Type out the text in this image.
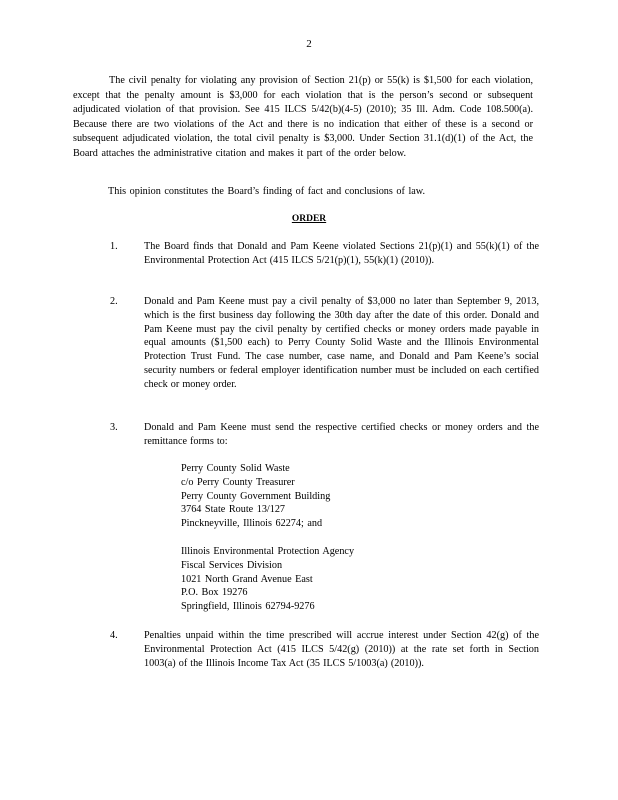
2
The civil penalty for violating any provision of Section 21(p) or 55(k) is $1,500 for each violation, except that the penalty amount is $3,000 for each violation that is the person’s second or subsequent adjudicated violation of that provision. See 415 ILCS 5/42(b)(4-5) (2010); 35 Ill. Adm. Code 108.500(a). Because there are two violations of the Act and there is no indication that either of these is a second or subsequent adjudicated violation, the total civil penalty is $3,000. Under Section 31.1(d)(1) of the Act, the Board attaches the administrative citation and makes it part of the order below.
This opinion constitutes the Board’s finding of fact and conclusions of law.
ORDER
1.	The Board finds that Donald and Pam Keene violated Sections 21(p)(1) and 55(k)(1) of the Environmental Protection Act (415 ILCS 5/21(p)(1), 55(k)(1) (2010)).
2.	Donald and Pam Keene must pay a civil penalty of $3,000 no later than September 9, 2013, which is the first business day following the 30th day after the date of this order. Donald and Pam Keene must pay the civil penalty by certified checks or money orders made payable in equal amounts ($1,500 each) to Perry County Solid Waste and the Illinois Environmental Protection Trust Fund. The case number, case name, and Donald and Pam Keene’s social security numbers or federal employer identification number must be included on each certified check or money order.
3.	Donald and Pam Keene must send the respective certified checks or money orders and the remittance forms to:
Perry County Solid Waste
c/o Perry County Treasurer
Perry County Government Building
3764 State Route 13/127
Pinckneyville, Illinois 62274; and
Illinois Environmental Protection Agency
Fiscal Services Division
1021 North Grand Avenue East
P.O. Box 19276
Springfield, Illinois 62794-9276
4.	Penalties unpaid within the time prescribed will accrue interest under Section 42(g) of the Environmental Protection Act (415 ILCS 5/42(g) (2010)) at the rate set forth in Section 1003(a) of the Illinois Income Tax Act (35 ILCS 5/1003(a) (2010)).
